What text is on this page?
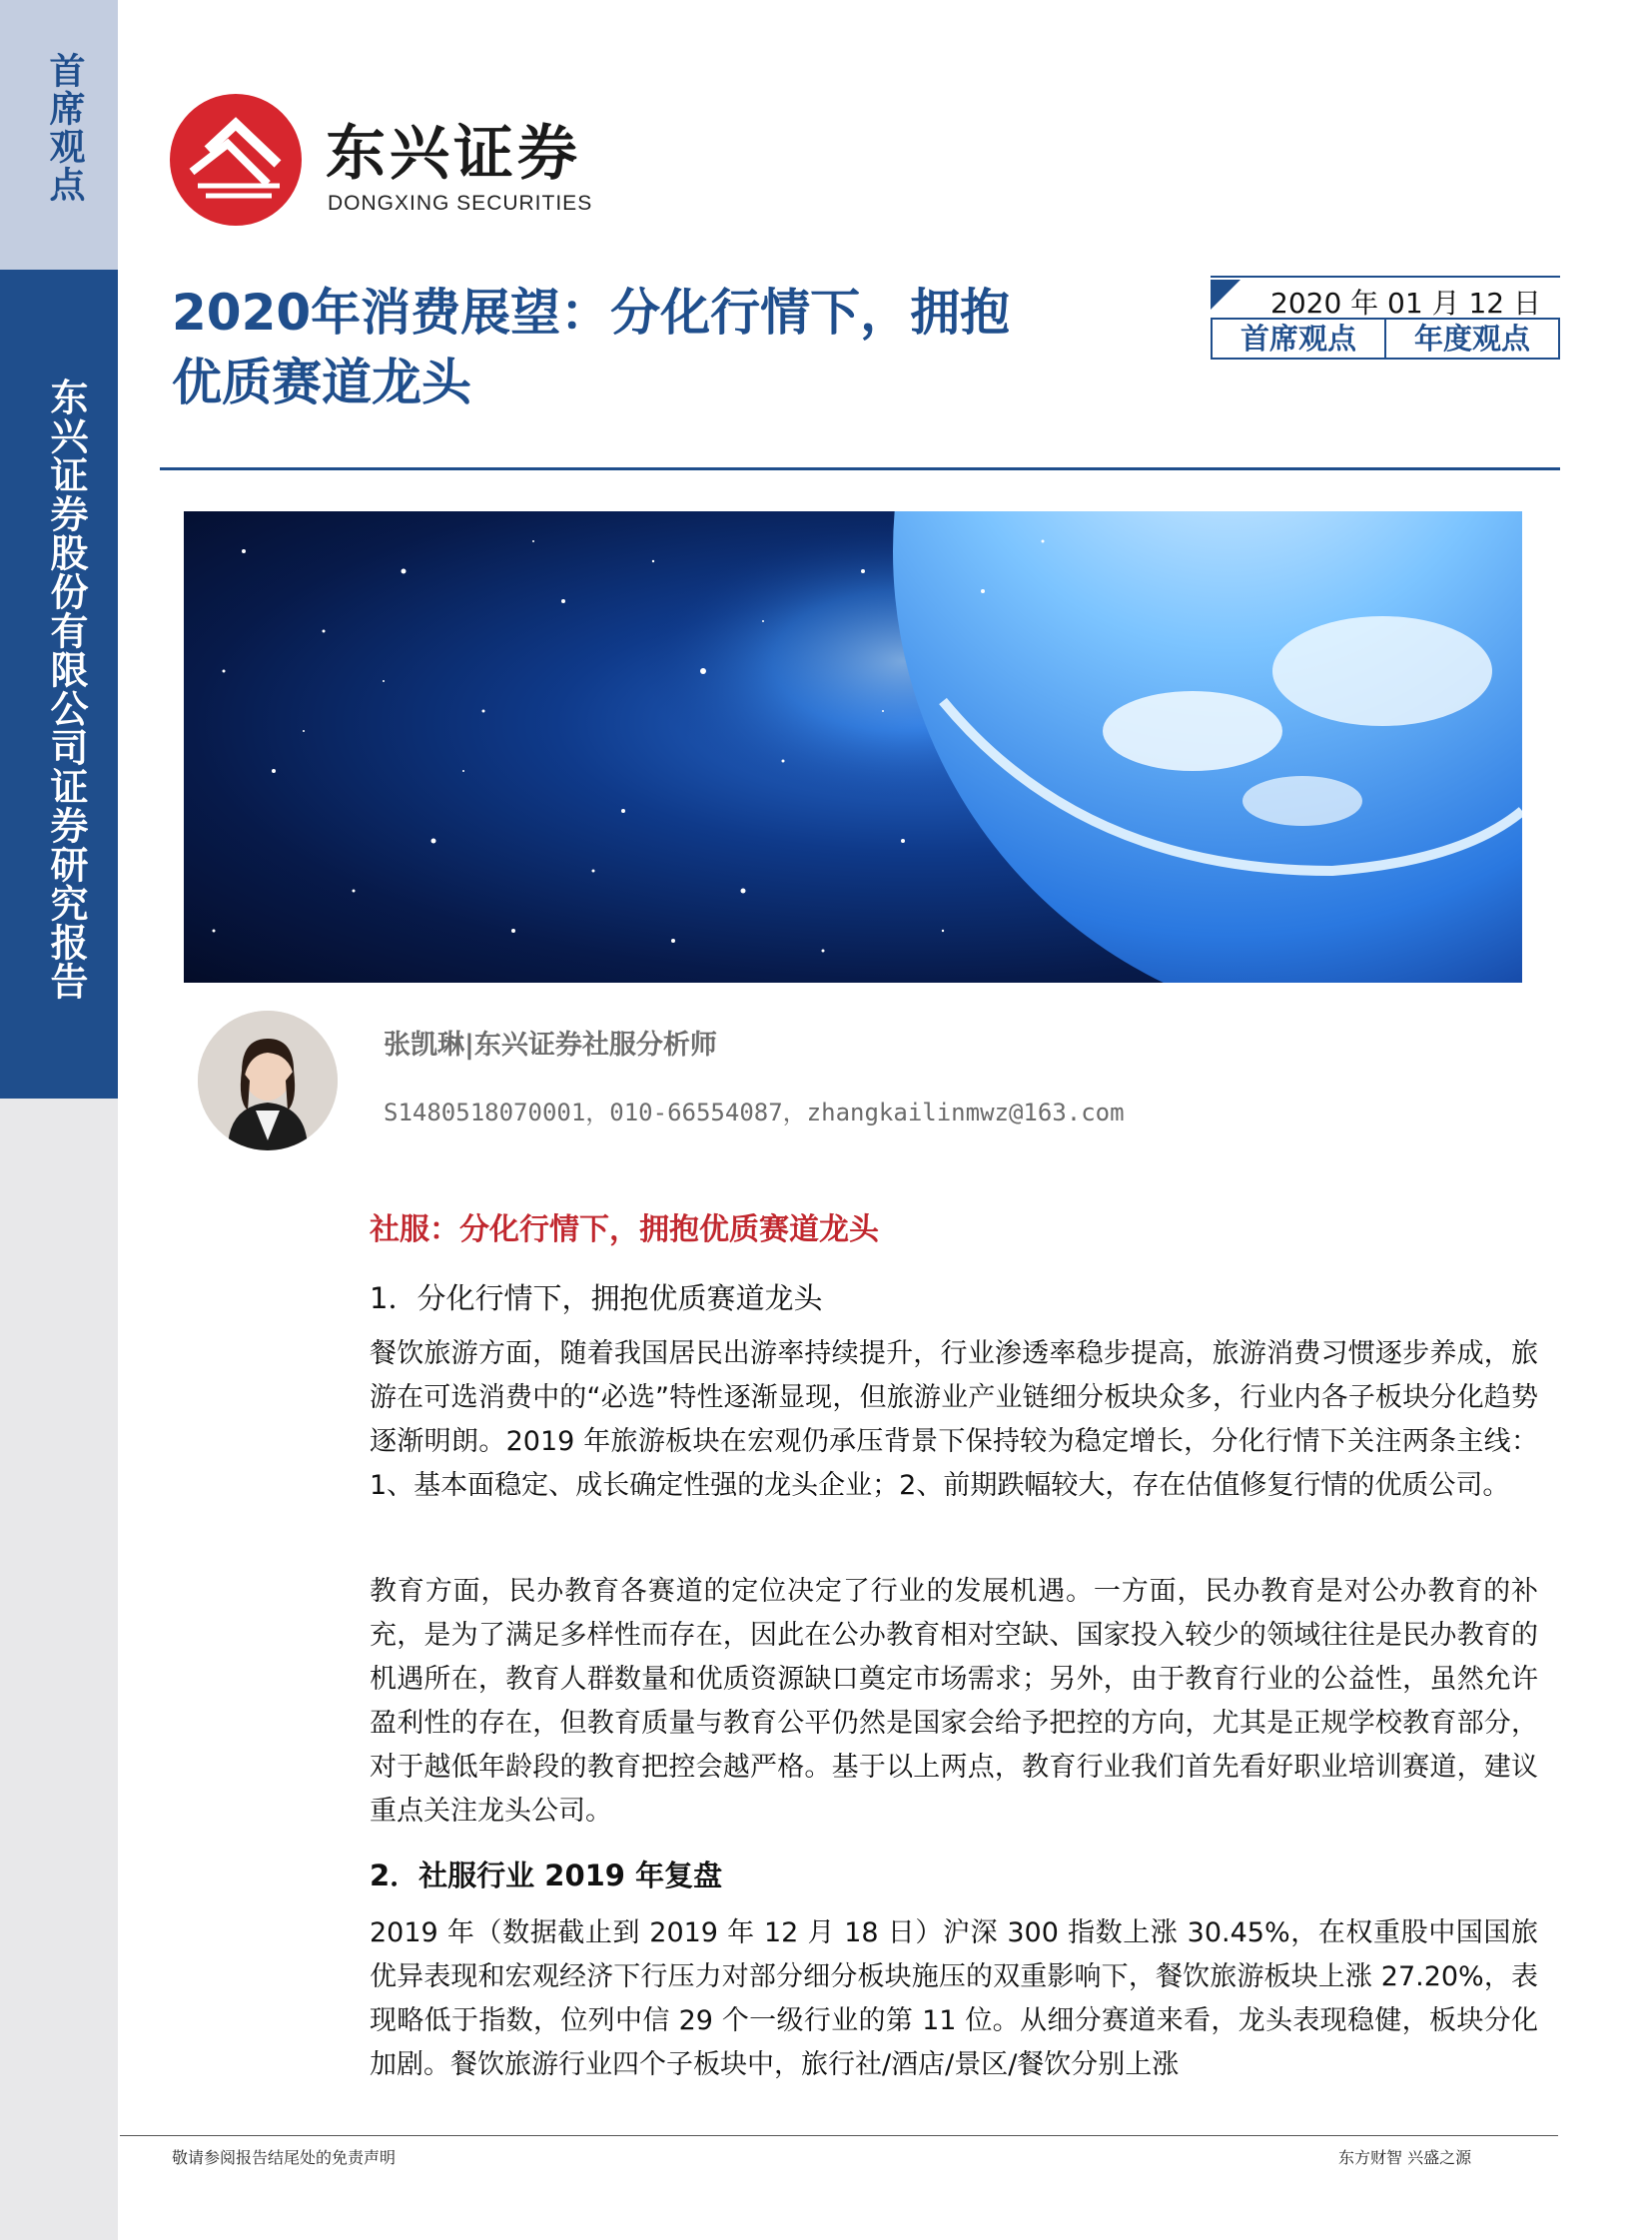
首席观点
东兴证券股份有限公司证券研究报告
东兴证券
DONGXING SECURITIES
2020年消费展望：分化行情下，拥抱优质赛道龙头
2020 年 01 月 12 日
首席观点	年度观点
张凯琳|东兴证券社服分析师
S1480518070001，010-66554087，zhangkailinmwz@163.com
社服：分化行情下，拥抱优质赛道龙头
1．分化行情下，拥抱优质赛道龙头

餐饮旅游方面，随着我国居民出游率持续提升，行业渗透率稳步提高，旅游消费习惯逐步养成，旅游在可选消费中的“必选”特性逐渐显现，但旅游业产业链细分板块众多，行业内各子板块分化趋势逐渐明朗。2019 年旅游板块在宏观仍承压背景下保持较为稳定增长，分化行情下关注两条主线：1、基本面稳定、成长确定性强的龙头企业；2、前期跌幅较大，存在估值修复行情的优质公司。

教育方面，民办教育各赛道的定位决定了行业的发展机遇。一方面，民办教育是对公办教育的补充，是为了满足多样性而存在，因此在公办教育相对空缺、国家投入较少的领域往往是民办教育的机遇所在，教育人群数量和优质资源缺口奠定市场需求；另外，由于教育行业的公益性，虽然允许盈利性的存在，但教育质量与教育公平仍然是国家会给予把控的方向，尤其是正规学校教育部分，对于越低年龄段的教育把控会越严格。基于以上两点，教育行业我们首先看好职业培训赛道，建议重点关注龙头公司。

2．社服行业 2019 年复盘

2019 年（数据截止到 2019 年 12 月 18 日）沪深 300 指数上涨 30.45%，在权重股中国国旅优异表现和宏观经济下行压力对部分细分板块施压的双重影响下，餐饮旅游板块上涨 27.20%，表现略低于指数，位列中信 29 个一级行业的第 11 位。从细分赛道来看，龙头表现稳健，板块分化加剧。餐饮旅游行业四个子板块中，旅行社/酒店/景区/餐饮分别上涨

敬请参阅报告结尾处的免责声明	东方财智 兴盛之源
